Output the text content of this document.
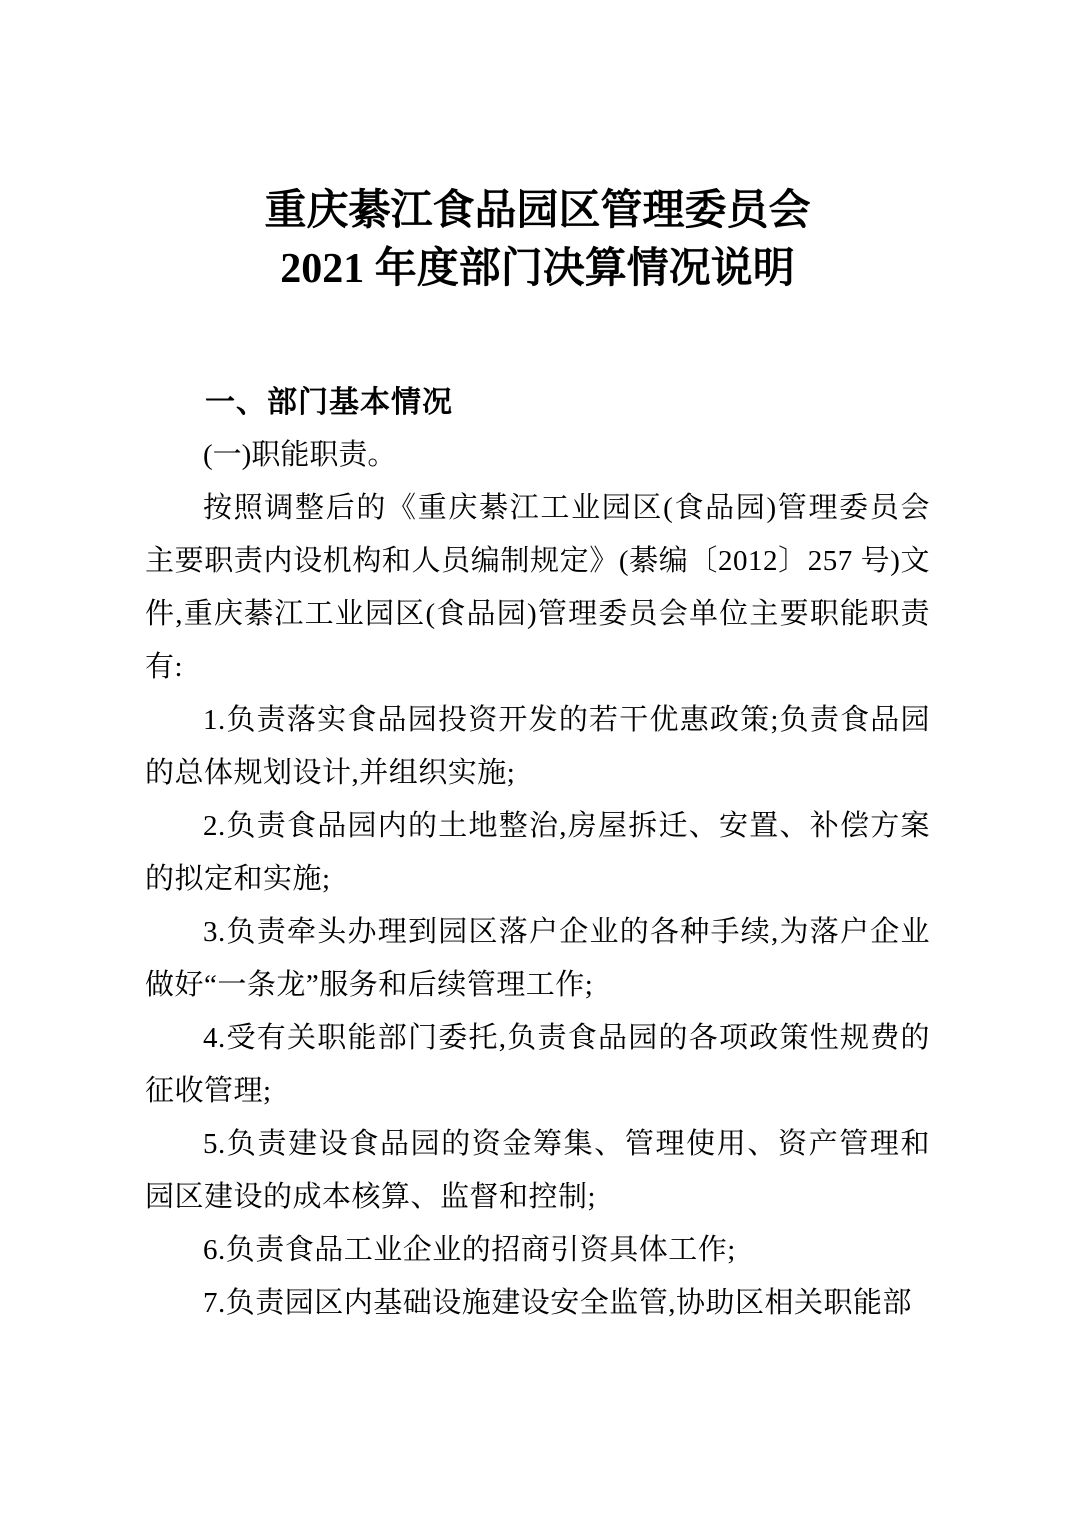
重庆綦江食品园区管理委员会
2021 年度部门决算情况说明
一、部门基本情况
(一)职能职责。

按照调整后的《重庆綦江工业园区(食品园)管理委员会主要职责内设机构和人员编制规定》(綦编〔2012〕257 号)文件,重庆綦江工业园区(食品园)管理委员会单位主要职能职责有:

1.负责落实食品园投资开发的若干优惠政策;负责食品园的总体规划设计,并组织实施;

2.负责食品园内的土地整治,房屋拆迁、安置、补偿方案的拟定和实施;

3.负责牵头办理到园区落户企业的各种手续,为落户企业做好“一条龙”服务和后续管理工作;

4.受有关职能部门委托,负责食品园的各项政策性规费的征收管理;

5.负责建设食品园的资金筹集、管理使用、资产管理和园区建设的成本核算、监督和控制;

6.负责食品工业企业的招商引资具体工作;

7.负责园区内基础设施建设安全监管,协助区相关职能部
